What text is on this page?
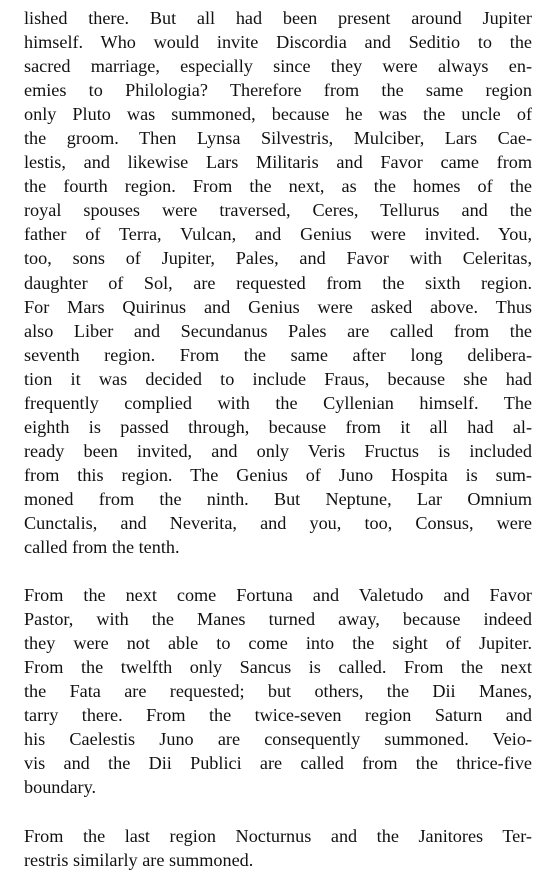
lished there. But all had been present around Jupiter
himself. Who would invite Discordia and Seditio to the
sacred marriage, especially since they were always en-
emies to Philologia? Therefore from the same region
only Pluto was summoned, because he was the uncle of
the groom. Then Lynsa Silvestris, Mulciber, Lars Cae-
lestis, and likewise Lars Militaris and Favor came from
the fourth region. From the next, as the homes of the
royal spouses were traversed, Ceres, Tellurus and the
father of Terra, Vulcan, and Genius were invited. You,
too, sons of Jupiter, Pales, and Favor with Celeritas,
daughter of Sol, are requested from the sixth region.
For Mars Quirinus and Genius were asked above. Thus
also Liber and Secundanus Pales are called from the
seventh region. From the same after long delibera-
tion it was decided to include Fraus, because she had
frequently complied with the Cyllenian himself. The
eighth is passed through, because from it all had al-
ready been invited, and only Veris Fructus is included
from this region. The Genius of Juno Hospita is sum-
moned from the ninth. But Neptune, Lar Omnium
Cunctalis, and Neverita, and you, too, Consus, were
called from the tenth.
From the next come Fortuna and Valetudo and Favor
Pastor, with the Manes turned away, because indeed
they were not able to come into the sight of Jupiter.
From the twelfth only Sancus is called. From the next
the Fata are requested; but others, the Dii Manes,
tarry there. From the twice-seven region Saturn and
his Caelestis Juno are consequently summoned. Veio-
vis and the Dii Publici are called from the thrice-five
boundary.
From the last region Nocturnus and the Janitores Ter-
restris similarly are summoned.
